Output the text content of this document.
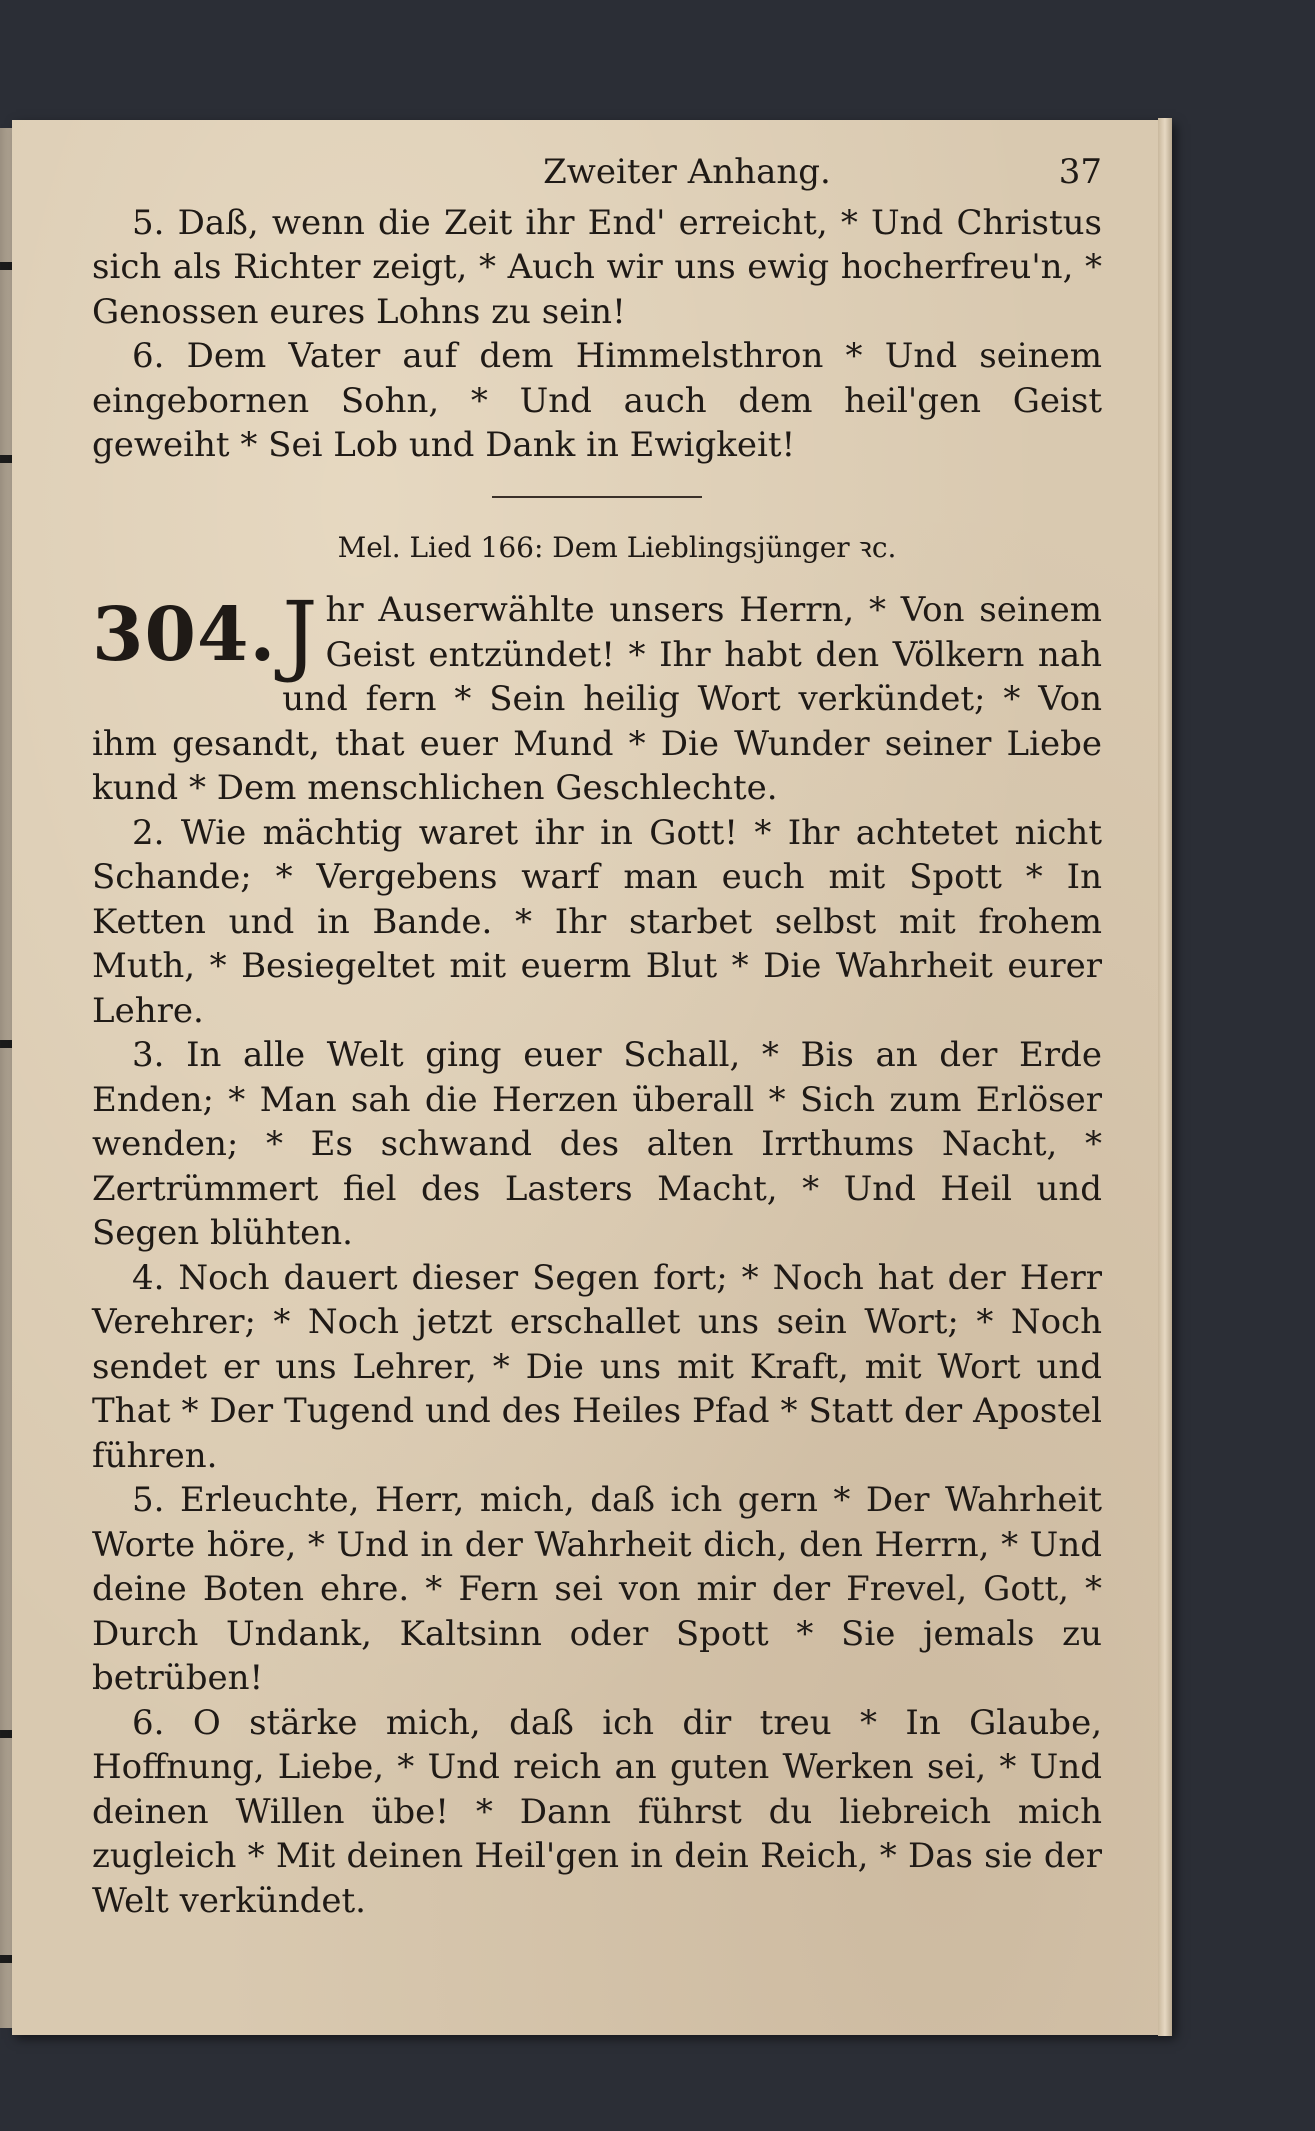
Zweiter Anhang.	37

5. Daß, wenn die Zeit ihr End' erreicht, * Und Christus sich als Richter zeigt, * Auch wir uns ewig hocherfreu'n, * Genossen eures Lohns zu sein!

6. Dem Vater auf dem Himmelsthron * Und seinem eingebornen Sohn, * Und auch dem heil'gen Geist geweiht * Sei Lob und Dank in Ewigkeit!

Mel. Lied 166: Dem Lieblingsjünger ꝛc.

304. J hr Auserwählte unsers Herrn, * Von seinem Geist entzündet! * Ihr habt den Völkern nah und fern * Sein heilig Wort verkündet; * Von ihm gesandt, that euer Mund * Die Wunder seiner Liebe kund * Dem menschlichen Geschlechte.

2. Wie mächtig waret ihr in Gott! * Ihr achtetet nicht Schande; * Vergebens warf man euch mit Spott * In Ketten und in Bande. * Ihr starbet selbst mit frohem Muth, * Besiegeltet mit euerm Blut * Die Wahrheit eurer Lehre.

3. In alle Welt ging euer Schall, * Bis an der Erde Enden; * Man sah die Herzen überall * Sich zum Erlöser wenden; * Es schwand des alten Irrthums Nacht, * Zertrümmert fiel des Lasters Macht, * Und Heil und Segen blühten.

4. Noch dauert dieser Segen fort; * Noch hat der Herr Verehrer; * Noch jetzt erschallet uns sein Wort; * Noch sendet er uns Lehrer, * Die uns mit Kraft, mit Wort und That * Der Tugend und des Heiles Pfad * Statt der Apostel führen.

5. Erleuchte, Herr, mich, daß ich gern * Der Wahrheit Worte höre, * Und in der Wahrheit dich, den Herrn, * Und deine Boten ehre. * Fern sei von mir der Frevel, Gott, * Durch Undank, Kaltsinn oder Spott * Sie jemals zu betrüben!

6. O stärke mich, daß ich dir treu * In Glaube, Hoffnung, Liebe, * Und reich an guten Werken sei, * Und deinen Willen übe! * Dann führst du liebreich mich zugleich * Mit deinen Heil'gen in dein Reich, * Das sie der Welt verkündet.
